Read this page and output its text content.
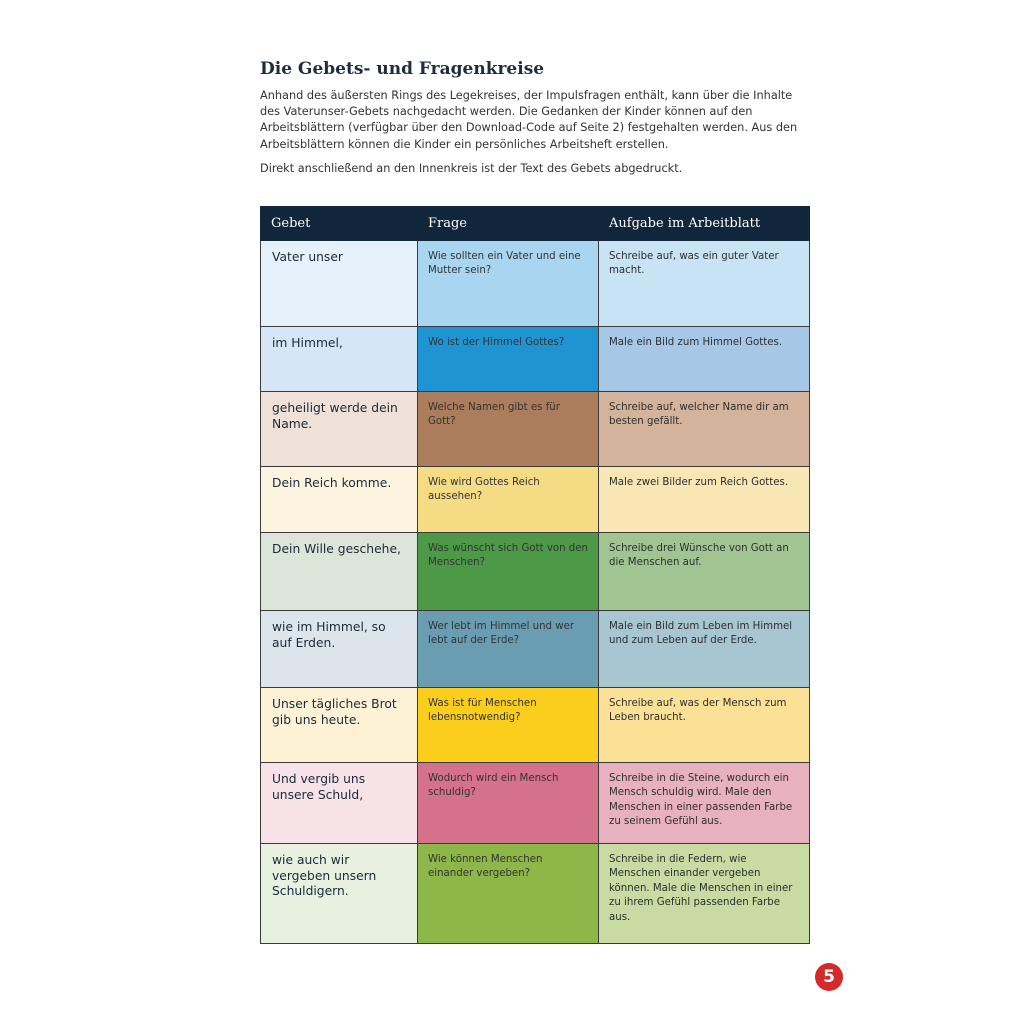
Die Gebets- und Fragenkreise

Anhand des äußersten Rings des Legekreises, der Impulsfragen enthält, kann über die Inhalte des Vaterunser-Gebets nachgedacht werden. Die Gedanken der Kinder können auf den Arbeitsblättern (verfügbar über den Download-Code auf Seite 2) festgehalten werden. Aus den Arbeitsblättern können die Kinder ein persönliches Arbeitsheft erstellen.

Direkt anschließend an den Innenkreis ist der Text des Gebets abgedruckt.

Gebet	Frage	Aufgabe im Arbeitblatt
Vater unser	Wie sollten ein Vater und eine Mutter sein?	Schreibe auf, was ein guter Vater macht.
im Himmel,	Wo ist der Himmel Gottes?	Male ein Bild zum Himmel Gottes.
geheiligt werde dein Name.	Welche Namen gibt es für Gott?	Schreibe auf, welcher Name dir am besten gefällt.
Dein Reich komme.	Wie wird Gottes Reich aussehen?	Male zwei Bilder zum Reich Gottes.
Dein Wille geschehe,	Was wünscht sich Gott von den Menschen?	Schreibe drei Wünsche von Gott an die Menschen auf.
wie im Himmel, so auf Erden.	Wer lebt im Himmel und wer lebt auf der Erde?	Male ein Bild zum Leben im Himmel und zum Leben auf der Erde.
Unser tägliches Brot gib uns heute.	Was ist für Menschen lebensnotwendig?	Schreibe auf, was der Mensch zum Leben braucht.
Und vergib uns unsere Schuld,	Wodurch wird ein Mensch schuldig?	Schreibe in die Steine, wodurch ein Mensch schuldig wird. Male den Menschen in einer passenden Farbe zu seinem Gefühl aus.
wie auch wir vergeben unsern Schuldigern.	Wie können Menschen einander vergeben?	Schreibe in die Federn, wie Menschen einander vergeben können. Male die Menschen in einer zu ihrem Gefühl passenden Farbe aus.
5
